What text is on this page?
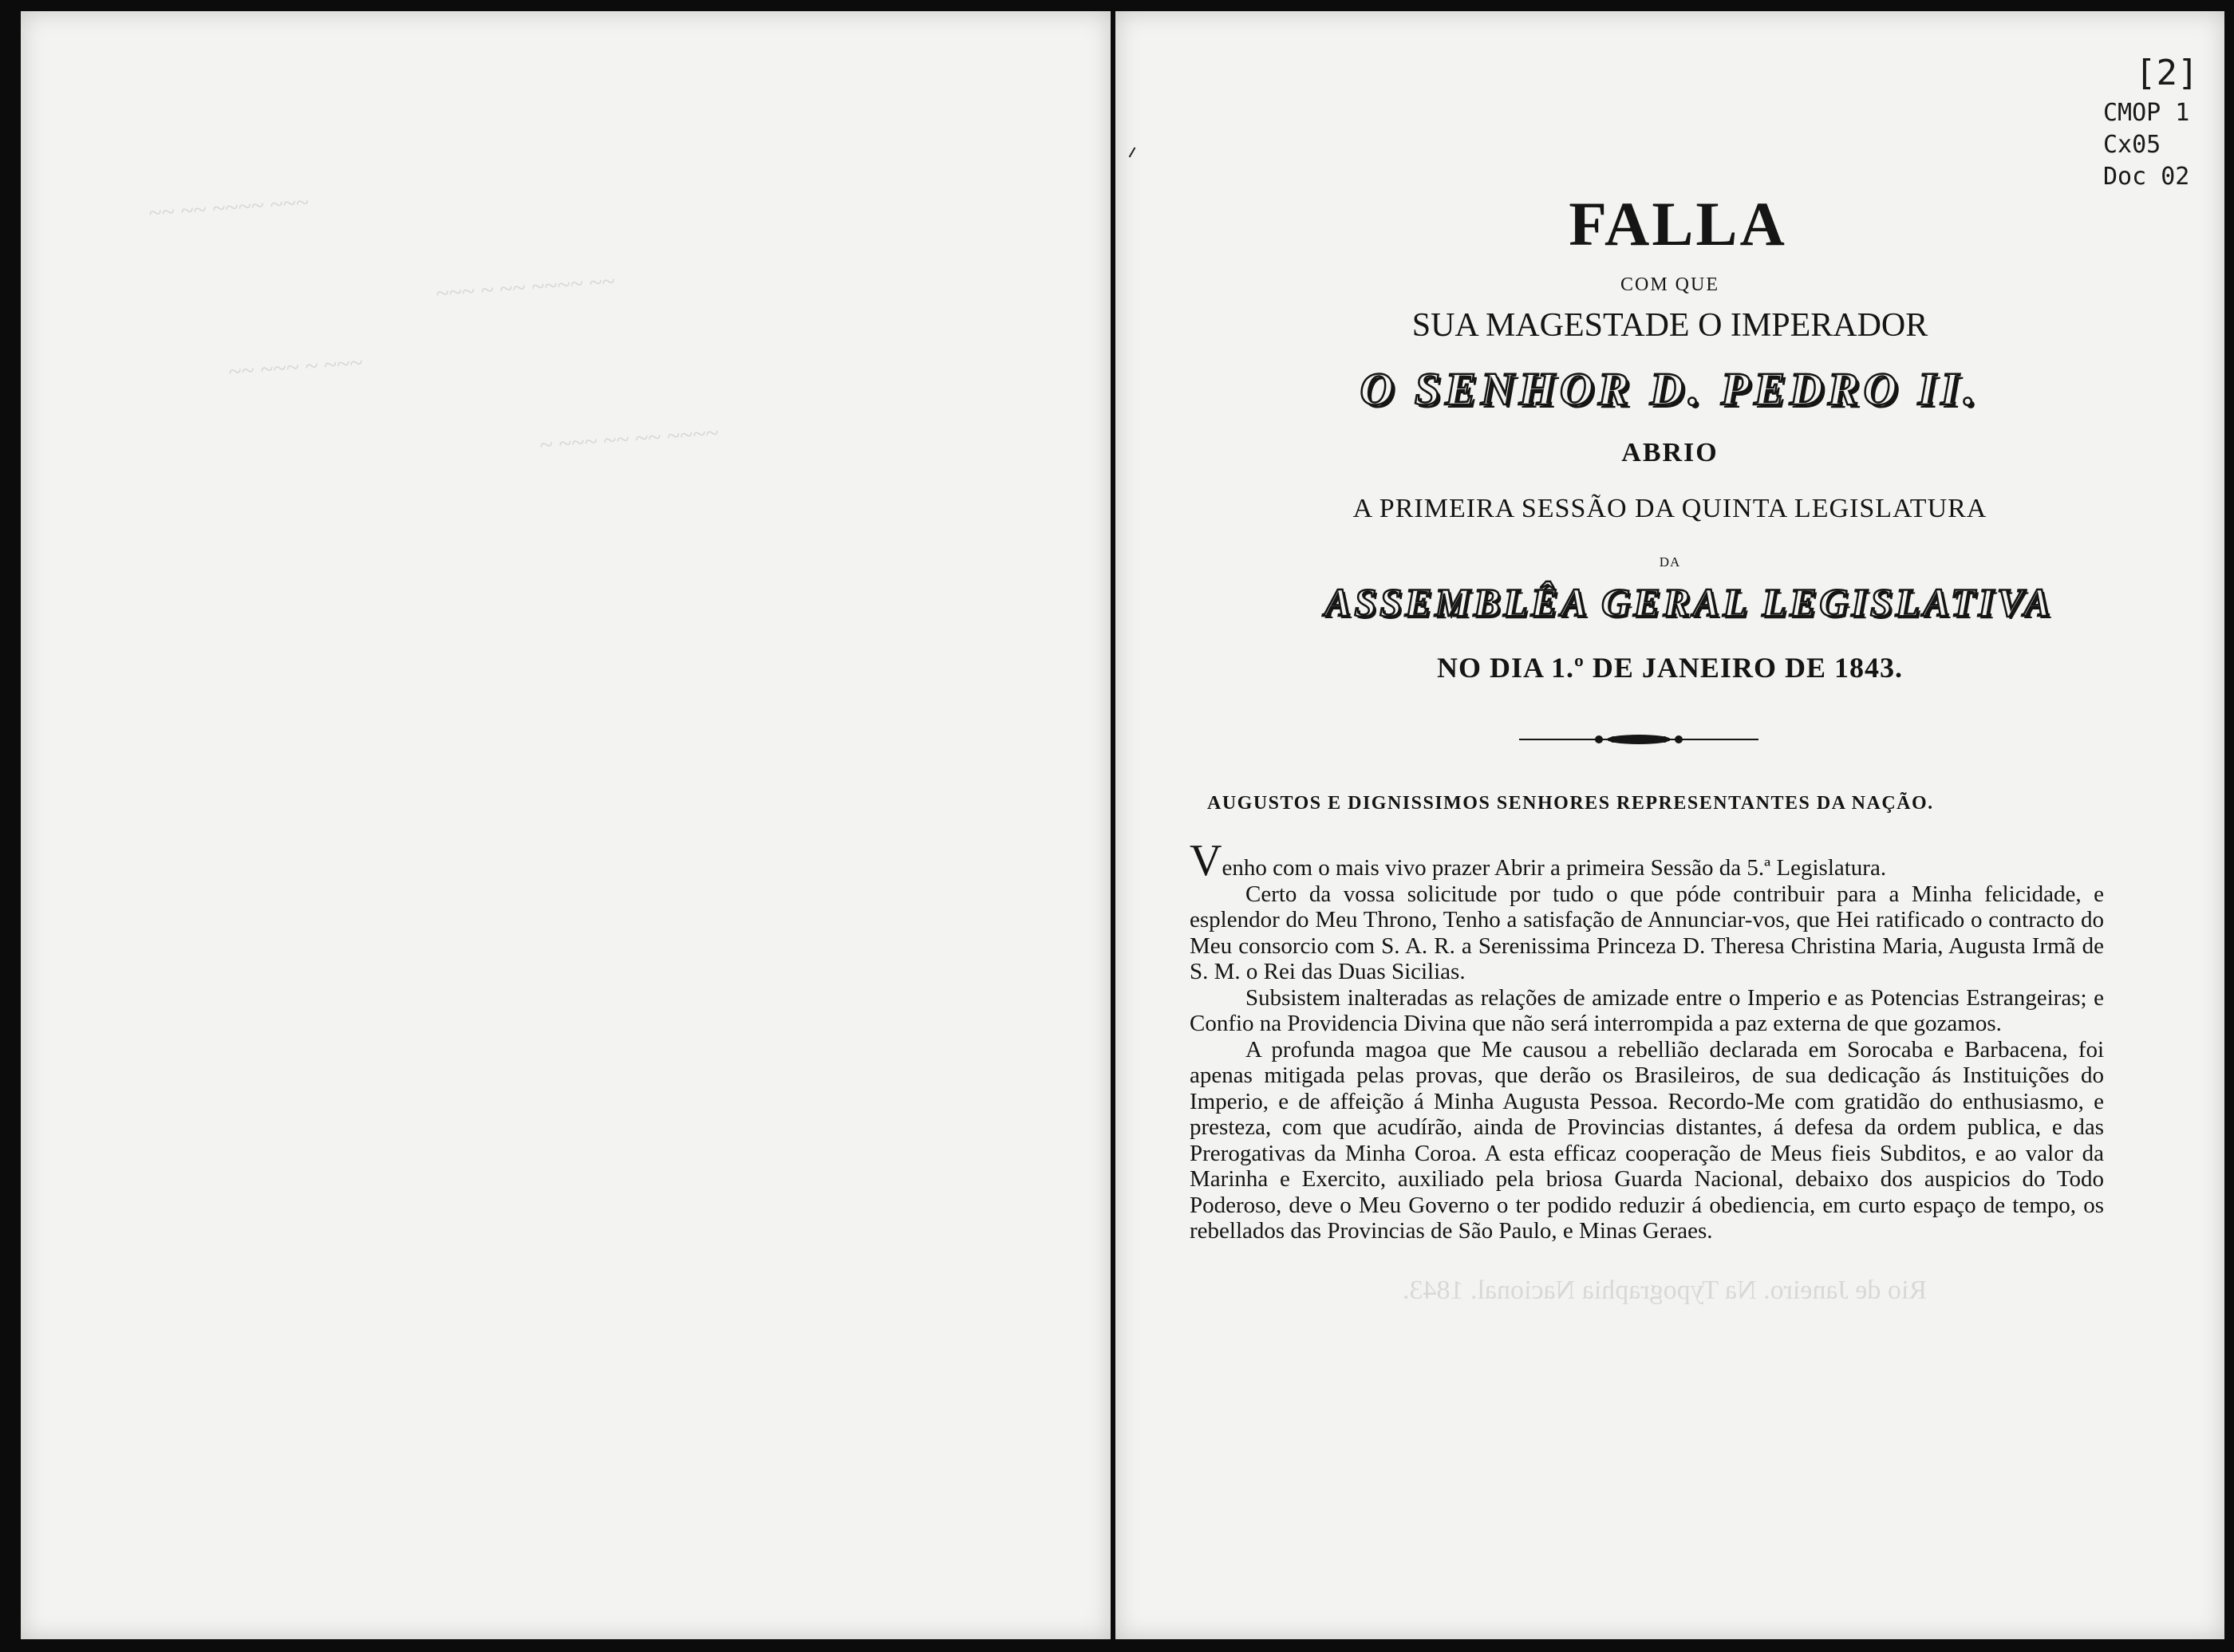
~~ ~~ ~~~~ ~~~
~~~ ~ ~~ ~~~~ ~~
~~ ~~~ ~ ~~~
~ ~~~ ~~ ~~ ~~~~
[2]
CMOP 1
Cx05
Doc 02
FALLA
COM QUE
SUA MAGESTADE O IMPERADOR
O SENHOR D. PEDRO II.
ABRIO
A PRIMEIRA SESSÃO DA QUINTA LEGISLATURA
DA
ASSEMBLÊA GERAL LEGISLATIVA
NO DIA 1.º DE JANEIRO DE 1843.
AUGUSTOS E DIGNISSIMOS SENHORES REPRESENTANTES DA NAÇÃO.
Rio de Janeiro. Na Typographia Nacional. 1843.

Venho com o mais vivo prazer Abrir a primeira Sessão da 5.ª Legislatura.

Certo da vossa solicitude por tudo o que póde contribuir para a Minha felicidade, e esplendor do Meu Throno, Tenho a satisfação de Annunciar-vos, que Hei ratificado o contracto do Meu consorcio com S. A. R. a Serenissima Princeza D. Theresa Christina Maria, Augusta Irmã de S. M. o Rei das Duas Sicilias.

Subsistem inalteradas as relações de amizade entre o Imperio e as Potencias Estrangeiras; e Confio na Providencia Divina que não será interrompida a paz externa de que gozamos.

A profunda magoa que Me causou a rebellião declarada em Sorocaba e Barbacena, foi apenas mitigada pelas provas, que derão os Brasileiros, de sua dedicação ás Instituições do Imperio, e de affeição á Minha Augusta Pessoa. Recordo-Me com gratidão do enthusiasmo, e presteza, com que acudírão, ainda de Provincias distantes, á defesa da ordem publica, e das Prerogativas da Minha Coroa. A esta efficaz cooperação de Meus fieis Subditos, e ao valor da Marinha e Exercito, auxiliado pela briosa Guarda Nacional, debaixo dos auspicios do Todo Poderoso, deve o Meu Governo o ter podido reduzir á obediencia, em curto espaço de tempo, os rebellados das Provincias de São Paulo, e Minas Geraes.
